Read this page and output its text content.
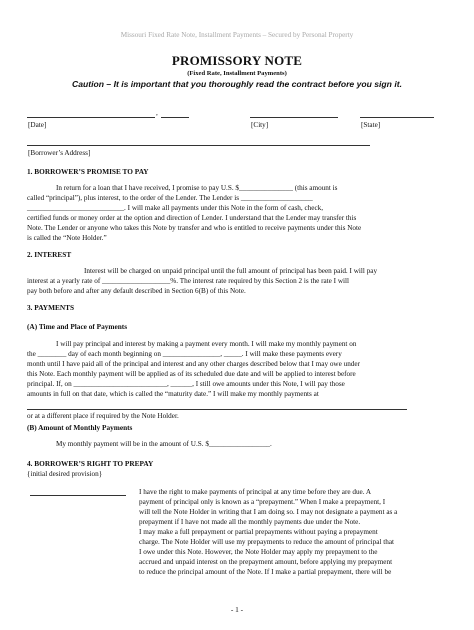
Missouri Fixed Rate Note, Installment Payments – Secured by Personal Property
PROMISSORY NOTE
(Fixed Rate, Installment Payments)
Caution – It is important that you thoroughly read the contract before you sign it.
,
[Date]	[City]	[State]
[Borrower’s Address]
1. BORROWER’S PROMISE TO PAY
In return for a loan that I have received, I promise to pay U.S. $_______________ (this amount is
called “principal”), plus interest, to the order of the Lender. The Lender is ____________________
___________________________. I will make all payments under this Note in the form of cash, check,
certified funds or money order at the option and direction of Lender. I understand that the Lender may transfer this
Note. The Lender or anyone who takes this Note by transfer and who is entitled to receive payments under this Note
is called the “Note Holder.”
2. INTEREST
Interest will be charged on unpaid principal until the full amount of principal has been paid. I will pay
interest at a yearly rate of ___________________%. The interest rate required by this Section 2 is the rate I will
pay both before and after any default described in Section 6(B) of this Note.
3. PAYMENTS
(A) Time and Place of Payments
I will pay principal and interest by making a payment every month. I will make my monthly payment on
the ________ day of each month beginning on ________________, _____. I will make these payments every
month until I have paid all of the principal and interest and any other charges described below that I may owe under
this Note. Each monthly payment will be applied as of its scheduled due date and will be applied to interest before
principal. If, on __________________________, ______, I still owe amounts under this Note, I will pay those
amounts in full on that date, which is called the “maturity date.” I will make my monthly payments at
or at a different place if required by the Note Holder.
(B) Amount of Monthly Payments
My monthly payment will be in the amount of U.S. $_________________.
4. BORROWER’S RIGHT TO PREPAY
{initial desired provision}
I have the right to make payments of principal at any time before they are due. A
payment of principal only is known as a “prepayment.” When I make a prepayment, I
will tell the Note Holder in writing that I am doing so. I may not designate a payment as a
prepayment if I have not made all the monthly payments due under the Note.
I may make a full prepayment or partial prepayments without paying a prepayment
charge. The Note Holder will use my prepayments to reduce the amount of principal that
I owe under this Note. However, the Note Holder may apply my prepayment to the
accrued and unpaid interest on the prepayment amount, before applying my prepayment
to reduce the principal amount of the Note. If I make a partial prepayment, there will be
- 1 -
